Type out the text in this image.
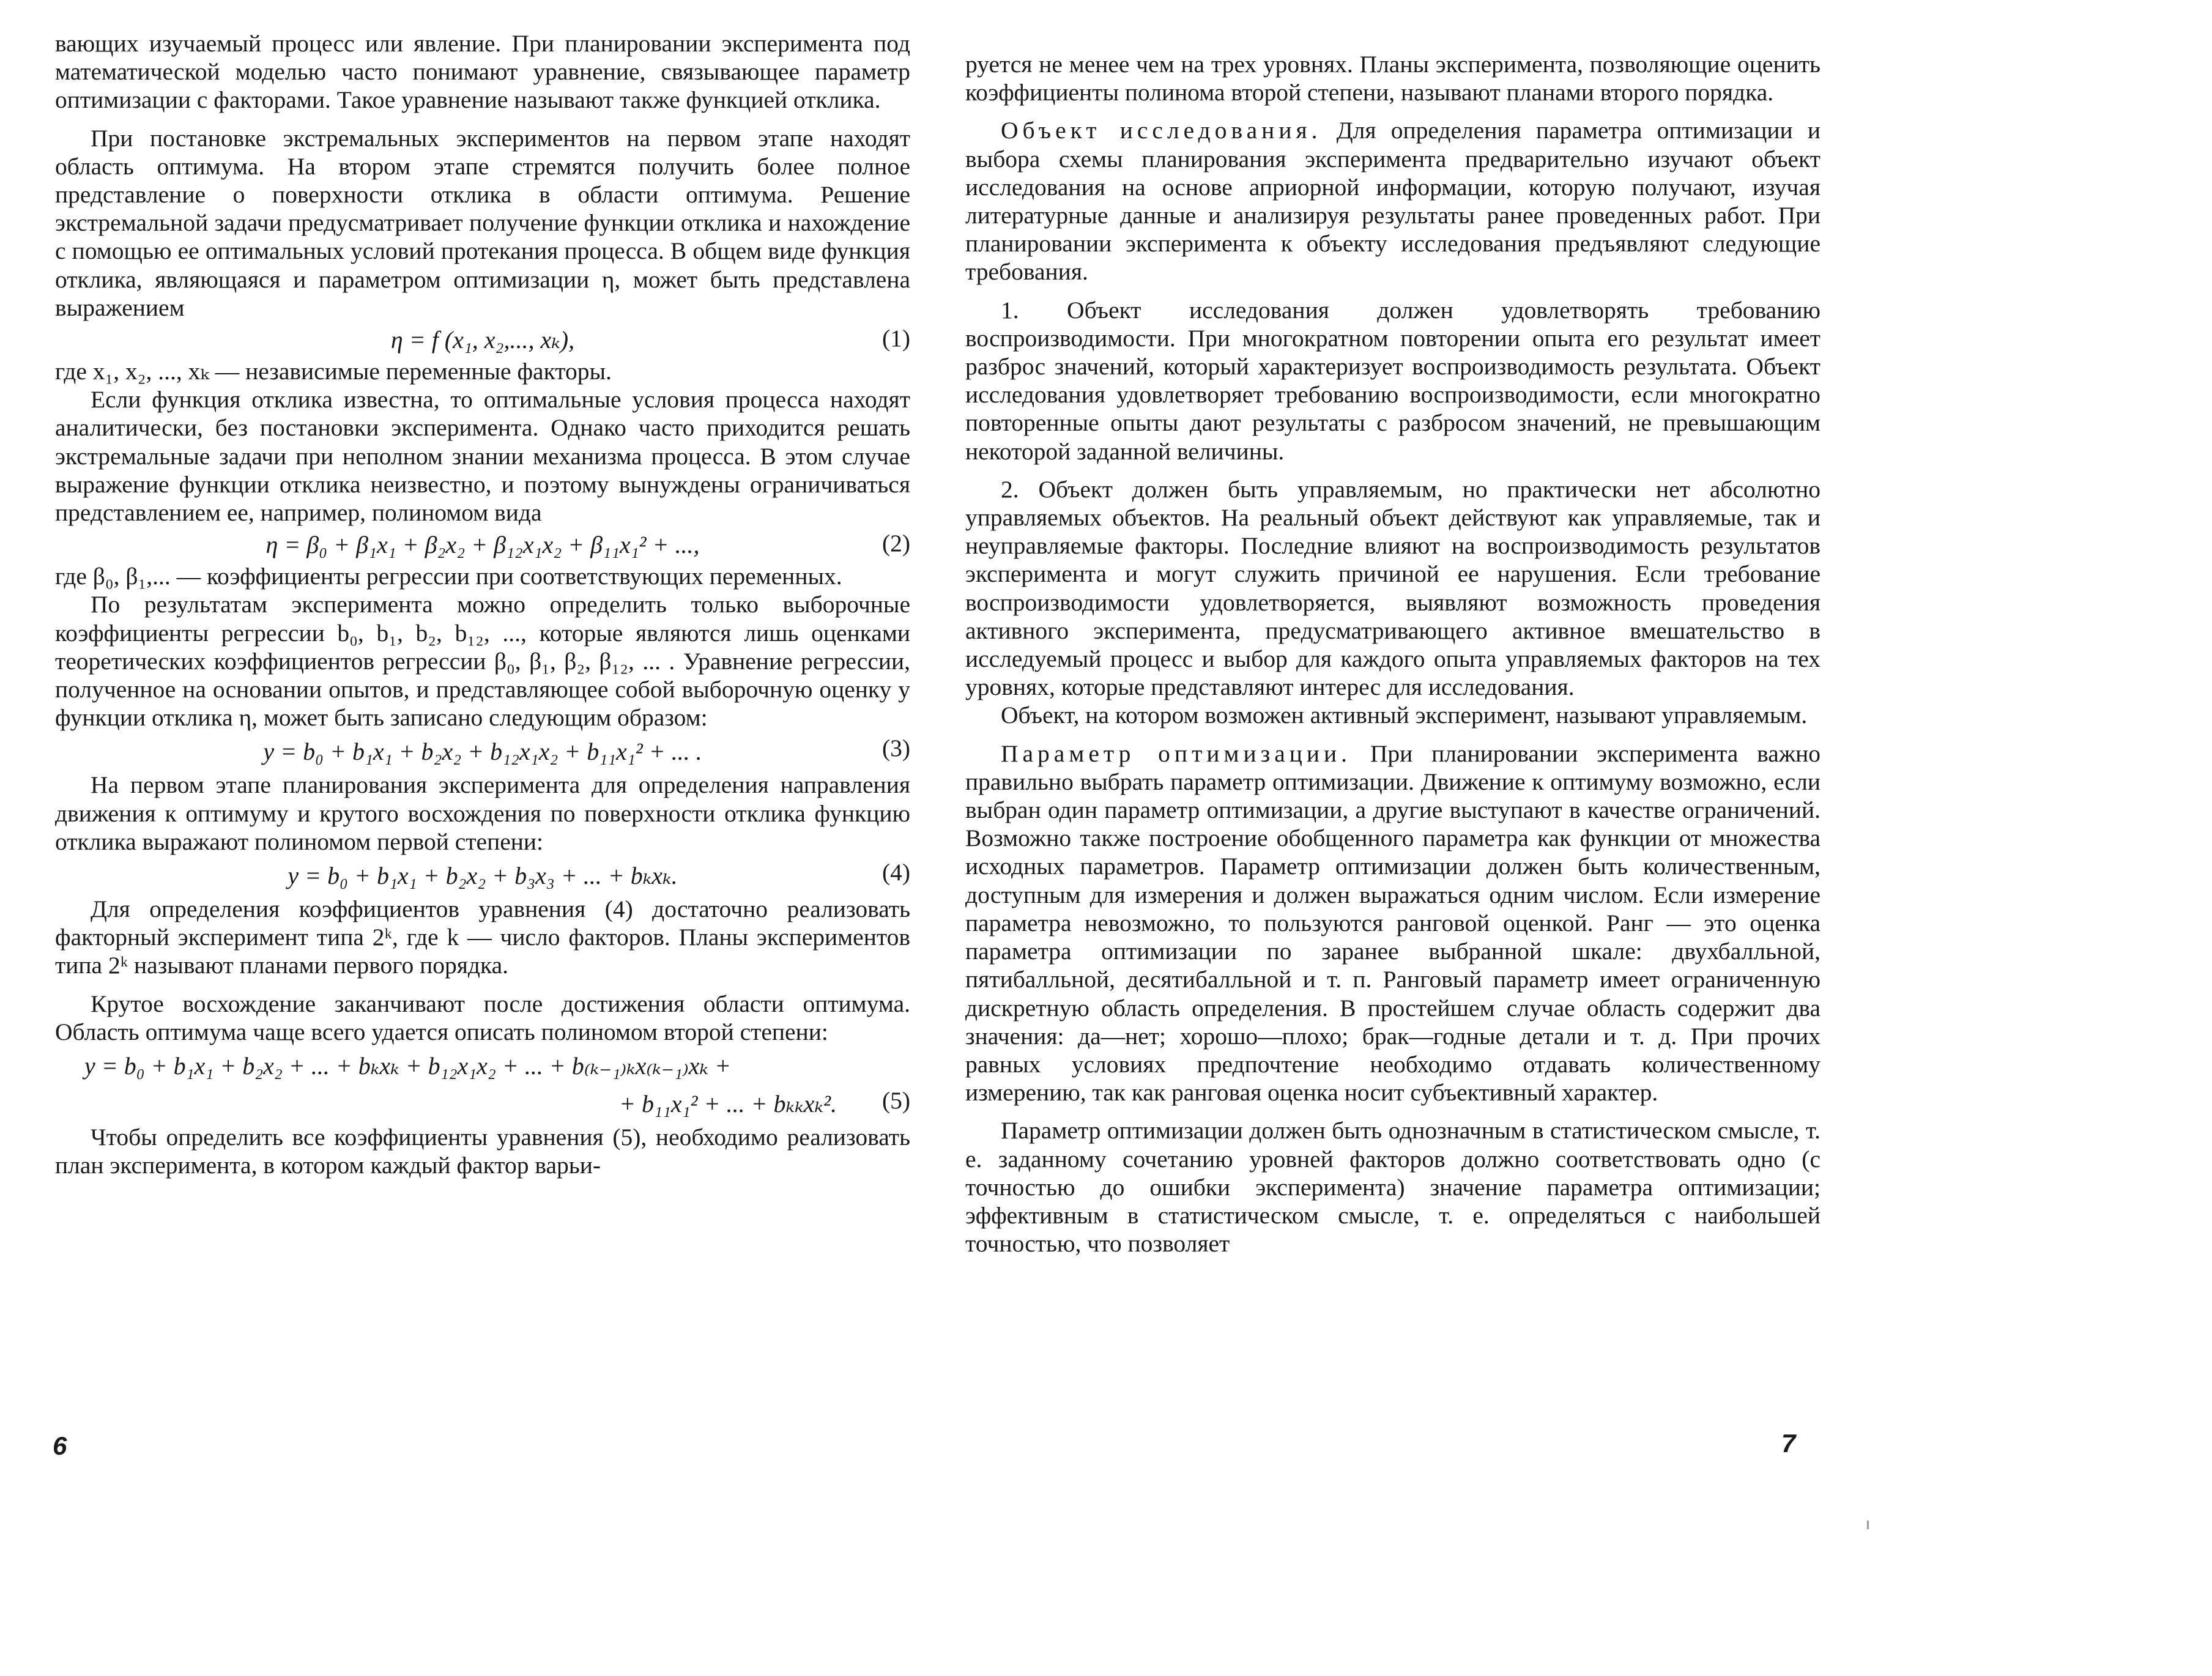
вающих изучаемый процесс или явление. При планировании эксперимента под математической моделью часто понимают уравнение, связывающее параметр оптимизации с факторами. Такое уравнение называют также функцией отклика.

При постановке экстремальных экспериментов на первом этапе находят область оптимума. На втором этапе стремятся получить более полное представление о поверхности отклика в области оптимума. Решение экстремальной задачи предусматривает получение функции отклика и нахождение с помощью ее оптимальных условий протекания процесса. В общем виде функция отклика, являющаяся и параметром оптимизации η, может быть представлена выражением

η = f (x₁, x₂,..., xₖ),	(1)

где x₁, x₂, ..., xₖ — независимые переменные факторы.

Если функция отклика известна, то оптимальные условия процесса находят аналитически, без постановки эксперимента. Однако часто приходится решать экстремальные задачи при неполном знании механизма процесса. В этом случае выражение функции отклика неизвестно, и поэтому вынуждены ограничиваться представлением ее, например, полиномом вида

η = β₀ + β₁x₁ + β₂x₂ + β₁₂x₁x₂ + β₁₁x₁² + ...,	(2)

где β₀, β₁,... — коэффициенты регрессии при соответствующих переменных.

По результатам эксперимента можно определить только выборочные коэффициенты регрессии b₀, b₁, b₂, b₁₂, ..., которые являются лишь оценками теоретических коэффициентов регрессии β₀, β₁, β₂, β₁₂, ... . Уравнение регрессии, полученное на основании опытов, и представляющее собой выборочную оценку y функции отклика η, может быть записано следующим образом:

y = b₀ + b₁x₁ + b₂x₂ + b₁₂x₁x₂ + b₁₁x₁² + ... .	(3)

На первом этапе планирования эксперимента для определения направления движения к оптимуму и крутого восхождения по поверхности отклика функцию отклика выражают полиномом первой степени:

y = b₀ + b₁x₁ + b₂x₂ + b₃x₃ + ... + bₖxₖ.	(4)

Для определения коэффициентов уравнения (4) достаточно реализовать факторный эксперимент типа 2ᵏ, где k — число факторов. Планы экспериментов типа 2ᵏ называют планами первого порядка.

Крутое восхождение заканчивают после достижения области оптимума. Область оптимума чаще всего удается описать полиномом второй степени:

y = b₀ + b₁x₁ + b₂x₂ + ... + bₖxₖ + b₁₂x₁x₂ + ... + b₍ₖ₋₁₎ₖx₍ₖ₋₁₎xₖ +
+ b₁₁x₁² + ... + bₖₖxₖ².	(5)

Чтобы определить все коэффициенты уравнения (5), необходимо реализовать план эксперимента, в котором каждый фактор варьи-

6

руется не менее чем на трех уровнях. Планы эксперимента, позволяющие оценить коэффициенты полинома второй степени, называют планами второго порядка.

Объект исследования. Для определения параметра оптимизации и выбора схемы планирования эксперимента предварительно изучают объект исследования на основе априорной информации, которую получают, изучая литературные данные и анализируя результаты ранее проведенных работ. При планировании эксперимента к объекту исследования предъявляют следующие требования.

1. Объект исследования должен удовлетворять требованию воспроизводимости. При многократном повторении опыта его результат имеет разброс значений, который характеризует воспроизводимость результата. Объект исследования удовлетворяет требованию воспроизводимости, если многократно повторенные опыты дают результаты с разбросом значений, не превышающим некоторой заданной величины.

2. Объект должен быть управляемым, но практически нет абсолютно управляемых объектов. На реальный объект действуют как управляемые, так и неуправляемые факторы. Последние влияют на воспроизводимость результатов эксперимента и могут служить причиной ее нарушения. Если требование воспроизводимости удовлетворяется, выявляют возможность проведения активного эксперимента, предусматривающего активное вмешательство в исследуемый процесс и выбор для каждого опыта управляемых факторов на тех уровнях, которые представляют интерес для исследования.

Объект, на котором возможен активный эксперимент, называют управляемым.

Параметр оптимизации. При планировании эксперимента важно правильно выбрать параметр оптимизации. Движение к оптимуму возможно, если выбран один параметр оптимизации, а другие выступают в качестве ограничений. Возможно также построение обобщенного параметра как функции от множества исходных параметров. Параметр оптимизации должен быть количественным, доступным для измерения и должен выражаться одним числом. Если измерение параметра невозможно, то пользуются ранговой оценкой. Ранг — это оценка параметра оптимизации по заранее выбранной шкале: двухбалльной, пятибалльной, десятибалльной и т. п. Ранговый параметр имеет ограниченную дискретную область определения. В простейшем случае область содержит два значения: да—нет; хорошо—плохо; брак—годные детали и т. д. При прочих равных условиях предпочтение необходимо отдавать количественному измерению, так как ранговая оценка носит субъективный характер.

Параметр оптимизации должен быть однозначным в статистическом смысле, т. е. заданному сочетанию уровней факторов должно соответствовать одно (с точностью до ошибки эксперимента) значение параметра оптимизации; эффективным в статистическом смысле, т. е. определяться с наибольшей точностью, что позволяет

7
